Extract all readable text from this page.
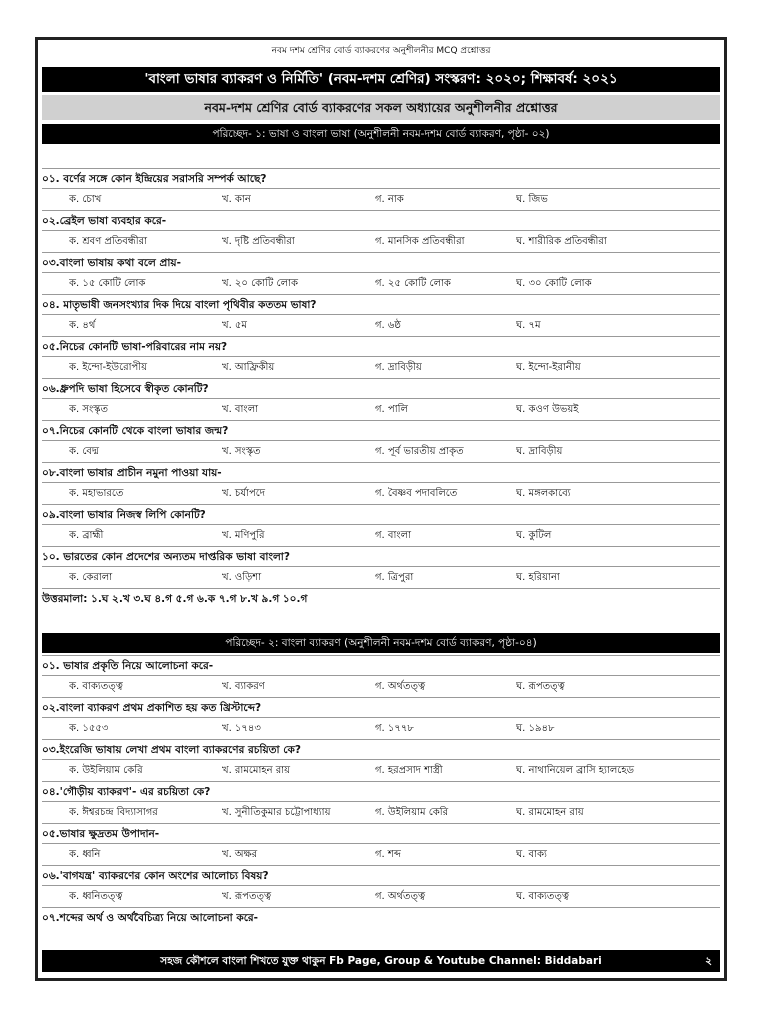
নবম দশম শ্রেণির বোর্ড ব্যাকরণের অনুশীলনীর MCQ প্রশ্নোত্তর
'বাংলা ভাষার ব্যাকরণ ও নির্মিতি' (নবম-দশম শ্রেণির) সংস্করণ: ২০২০; শিক্ষাবর্ষ: ২০২১
নবম-দশম শ্রেণির বোর্ড ব্যাকরণের সকল অধ্যায়ের অনুশীলনীর প্রশ্নোত্তর
পরিচ্ছেদ- ১: ভাষা ও বাংলা ভাষা (অনুশীলনী নবম-দশম বোর্ড ব্যাকরণ, পৃষ্ঠা- ০২)
০১. বর্ণের সঙ্গে কোন ইন্দ্রিয়ের সরাসরি সম্পর্ক আছে?
ক. চোখ	খ. কান	গ. নাক	ঘ. জিভ
০২.ব্রেইল ভাষা ব্যবহার করে-
ক. শ্রবণ প্রতিবন্ধীরা	খ. দৃষ্টি প্রতিবন্ধীরা	গ. মানসিক প্রতিবন্ধীরা	ঘ. শারীরিক প্রতিবন্ধীরা
০৩.বাংলা ভাষায় কথা বলে প্রায়-
ক. ১৫ কোটি লোক	খ. ২০ কোটি লোক	গ. ২৫ কোটি লোক	ঘ. ৩০ কোটি লোক
০৪. মাতৃভাষী জনসংখ্যার দিক দিয়ে বাংলা পৃথিবীর কততম ভাষা?
ক. ৪র্থ	খ. ৫ম	গ. ৬ষ্ঠ	ঘ. ৭ম
০৫.নিচের কোনটি ভাষা-পরিবারের নাম নয়?
ক. ইন্দো-ইউরোপীয়	খ. আফ্রিকীয়	গ. দ্রাবিড়ীয়	ঘ. ইন্দো-ইরানীয়
০৬.ধ্রুপদি ভাষা হিসেবে স্বীকৃত কোনটি?
ক. সংস্কৃত	খ. বাংলা	গ. পালি	ঘ. কওণ উভয়ই
০৭.নিচের কোনটি থেকে বাংলা ভাষার জন্ম?
ক. বেদ্ম	খ. সংস্কৃত	গ. পূর্ব ভারতীয় প্রাকৃত	ঘ. দ্রাবিড়ীয়
০৮.বাংলা ভাষার প্রাচীন নমুনা পাওয়া যায়-
ক. মহাভারতে	খ. চর্যাপদে	গ. বৈষ্ণব পদাবলিতে	ঘ. মঙ্গলকাব্যে
০৯.বাংলা ভাষার নিজস্ব লিপি কোনটি?
ক. ব্রাহ্মী	খ. মণিপুরি	গ. বাংলা	ঘ. কুটিল
১০. ভারতের কোন প্রদেশের অন্যতম দাপ্তরিক ভাষা বাংলা?
ক. কেরালা	খ. ওড়িশা	গ. ত্রিপুরা	ঘ. হরিয়ানা
উত্তরমালা: ১.ঘ ২.খ ৩.ঘ ৪.গ ৫.গ ৬.ক ৭.গ ৮.খ ৯.গ ১০.গ
পরিচ্ছেদ- ২: বাংলা ব্যাকরণ (অনুশীলনী নবম-দশম বোর্ড ব্যাকরণ, পৃষ্ঠা-০৪)
০১. ভাষার প্রকৃতি নিয়ে আলোচনা করে-
ক. বাক্যতত্ত্ব	খ. ব্যাকরণ	গ. অর্থতত্ত্ব	ঘ. রূপতত্ত্ব
০২.বাংলা ব্যাকরণ প্রথম প্রকাশিত হয় কত খ্রিস্টাব্দে?
ক. ১৫৫৩	খ. ১৭৪৩	গ. ১৭৭৮	ঘ. ১৯৪৮
০৩.ইংরেজি ভাষায় লেখা প্রথম বাংলা ব্যাকরণের রচয়িতা কে?
ক. উইলিয়াম কেরি	খ. রামমোহন রায়	গ. হরপ্রসাদ শাস্ত্রী	ঘ. নাথানিয়েল ব্রাসি হ্যালহেড
০৪.'গৌড়ীয় ব্যাকরণ'- এর রচয়িতা কে?
ক. ঈশ্বরচন্দ্র বিদ্যাসাগর	খ. সুনীতিকুমার চট্টোপাধ্যায়	গ. উইলিয়াম কেরি	ঘ. রামমোহন রায়
০৫.ভাষার ক্ষুদ্রতম উপাদান-
ক. ধ্বনি	খ. অক্ষর	গ. শব্দ	ঘ. বাক্য
০৬.'বাগযন্ত্র' ব্যাকরণের কোন অংশের আলোচ্য বিষয়?
ক. ধ্বনিতত্ত্ব	খ. রূপতত্ত্ব	গ. অর্থতত্ত্ব	ঘ. বাক্যতত্ত্ব
০৭.শব্দের অর্থ ও অর্থবৈচিত্র্য নিয়ে আলোচনা করে-
সহজ কৌশলে বাংলা শিখতে যুক্ত থাকুন Fb Page, Group & Youtube Channel: Biddabari	২
